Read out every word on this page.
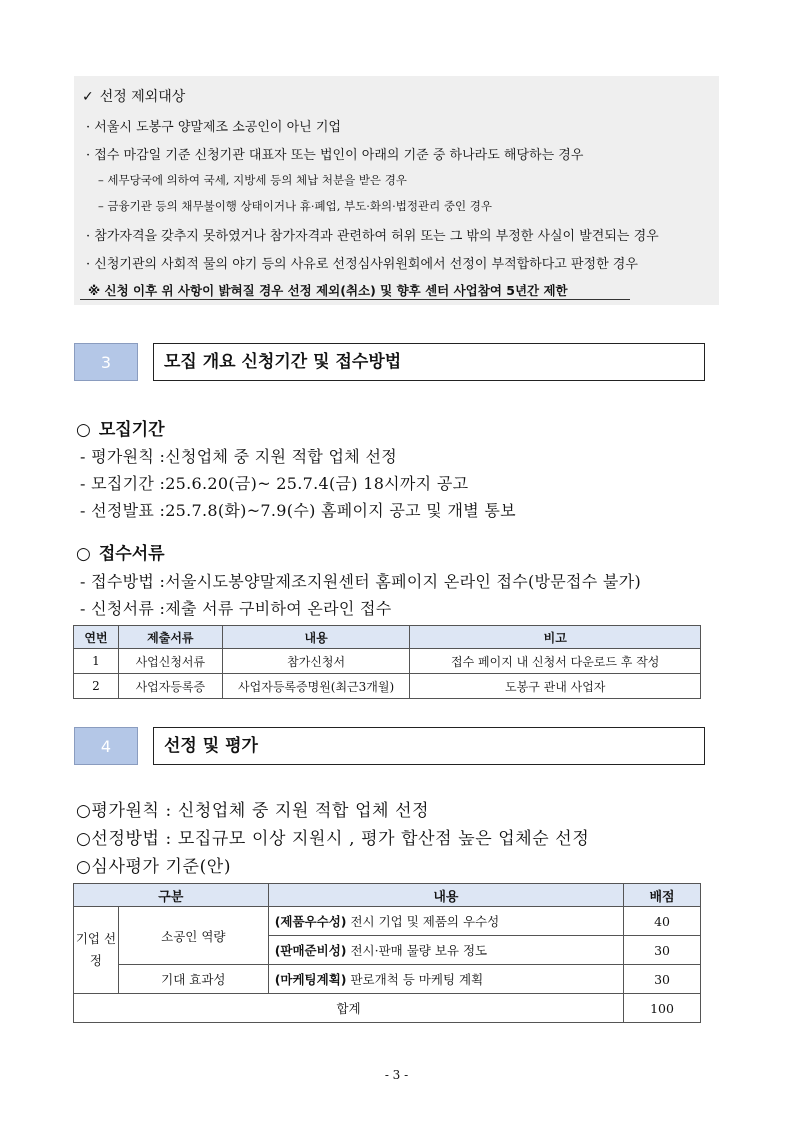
✓ 선정 제외대상
· 서울시 도봉구 양말제조 소공인이 아닌 기업
· 접수 마감일 기준 신청기관 대표자 또는 법인이 아래의 기준 중 하나라도 해당하는 경우
– 세무당국에 의하여 국세, 지방세 등의 체납 처분을 받은 경우
– 금융기관 등의 채무불이행 상태이거나 휴·폐업, 부도·화의·법정관리 중인 경우
· 참가자격을 갖추지 못하였거나 참가자격과 관련하여 허위 또는 그 밖의 부정한 사실이 발견되는 경우
· 신청기관의 사회적 물의 야기 등의 사유로 선정심사위원회에서 선정이 부적합하다고 판정한 경우
※ 신청 이후 위 사항이 밝혀질 경우 선정 제외(취소) 및 향후 센터 사업참여 5년간 제한
3	모집 개요 신청기간 및 접수방법
○ 모집기간
- 평가원칙 :신청업체 중 지원 적합 업체 선정
- 모집기간 :25.6.20(금)~ 25.7.4(금) 18시까지 공고
- 선정발표 :25.7.8(화)~7.9(수) 홈페이지 공고 및 개별 통보
○ 접수서류
- 접수방법 :서울시도봉양말제조지원센터 홈페이지 온라인 접수(방문접수 불가)
- 신청서류 :제출 서류 구비하여 온라인 접수
연번	제출서류	내용	비고
1	사업신청서류	참가신청서	접수 페이지 내 신청서 다운로드 후 작성
2	사업자등록증	사업자등록증명원(최근3개월)	도봉구 관내 사업자
4	선정 및 평가
○평가원칙 : 신청업체 중 지원 적합 업체 선정
○선정방법 : 모집규모 이상 지원시 , 평가 합산점 높은 업체순 선정
○심사평가 기준(안)
구분		내용	배점
기업 선정	소공인 역량	(제품우수성) 전시 기업 및 제품의 우수성	40
		(판매준비성) 전시·판매 물량 보유 정도	30
	기대 효과성	(마케팅계획) 판로개척 등 마케팅 계획	30
합계			100
- 3 -
